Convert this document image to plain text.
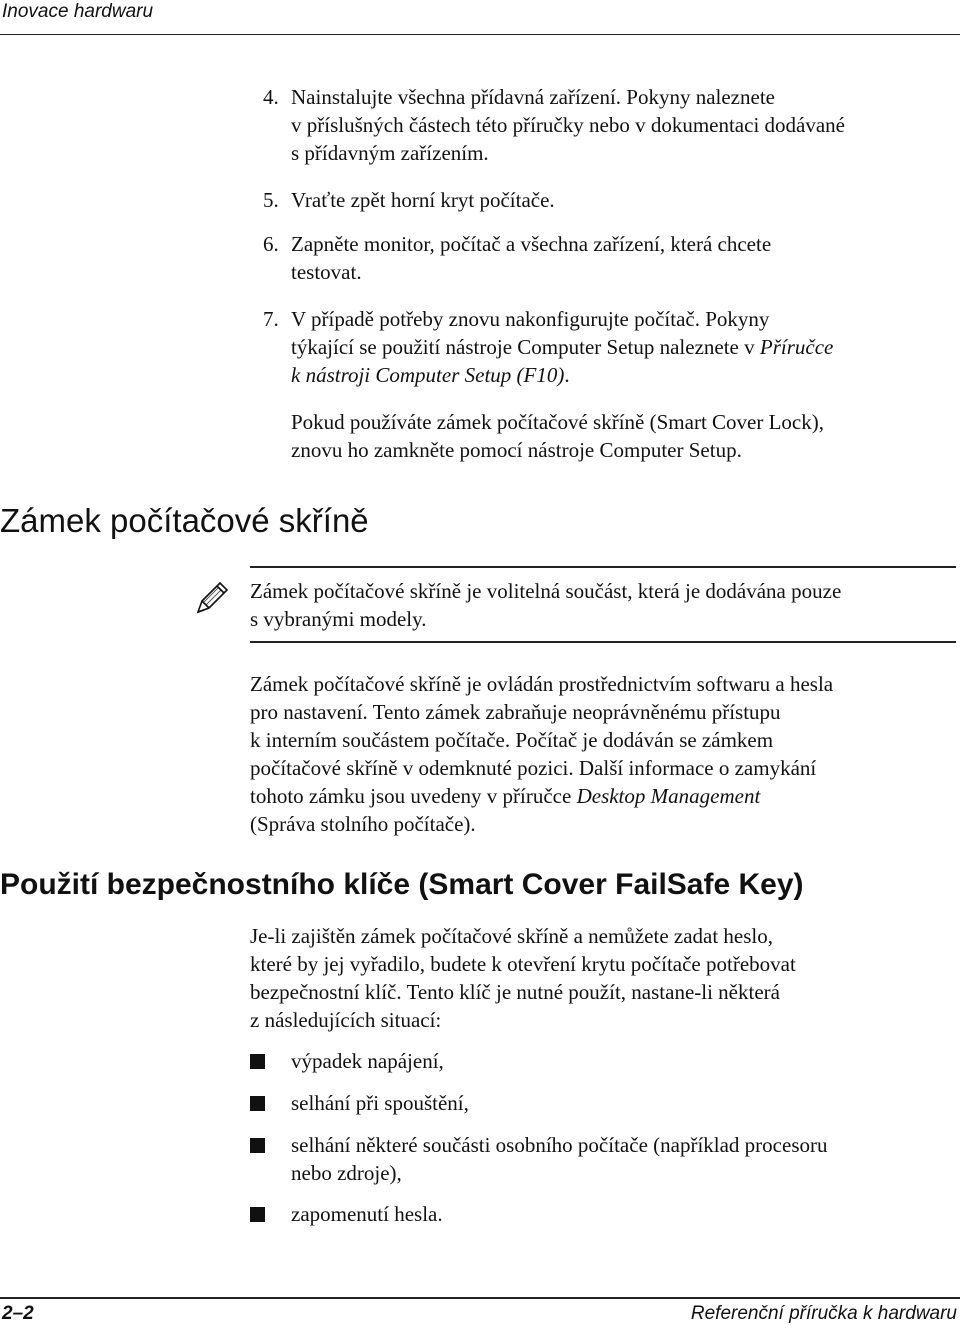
Inovace hardwaru
4. Nainstalujte všechna přídavná zařízení. Pokyny naleznete

v příslušných částech této příručky nebo v dokumentaci dodávané

s přídavným zařízením.

5. Vraťte zpět horní kryt počítače.

6. Zapněte monitor, počítač a všechna zařízení, která chcete

testovat.

7. V případě potřeby znovu nakonfigurujte počítač. Pokyny

týkající se použití nástroje Computer Setup naleznete v Příručce

k nástroji Computer Setup (F10).

Pokud používáte zámek počítačové skříně (Smart Cover Lock),

znovu ho zamkněte pomocí nástroje Computer Setup.

Zámek počítačové skříně

Zámek počítačové skříně je volitelná součást, která je dodávána pouze

s vybranými modely.

Zámek počítačové skříně je ovládán prostřednictvím softwaru a hesla

pro nastavení. Tento zámek zabraňuje neoprávněnému přístupu

k interním součástem počítače. Počítač je dodáván se zámkem

počítačové skříně v odemknuté pozici. Další informace o zamykání

tohoto zámku jsou uvedeny v příručce Desktop Management

(Správa stolního počítače).

Použití bezpečnostního klíče (Smart Cover FailSafe Key)

Je-li zajištěn zámek počítačové skříně a nemůžete zadat heslo,

které by jej vyřadilo, budete k otevření krytu počítače potřebovat

bezpečnostní klíč. Tento klíč je nutné použít, nastane-li některá

z následujících situací:

výpadek napájení,
selhání při spouštění,
selhání některé součásti osobního počítače (například procesoru
nebo zdroje),
zapomenutí hesla.
2–2	Referenční příručka k hardwaru
